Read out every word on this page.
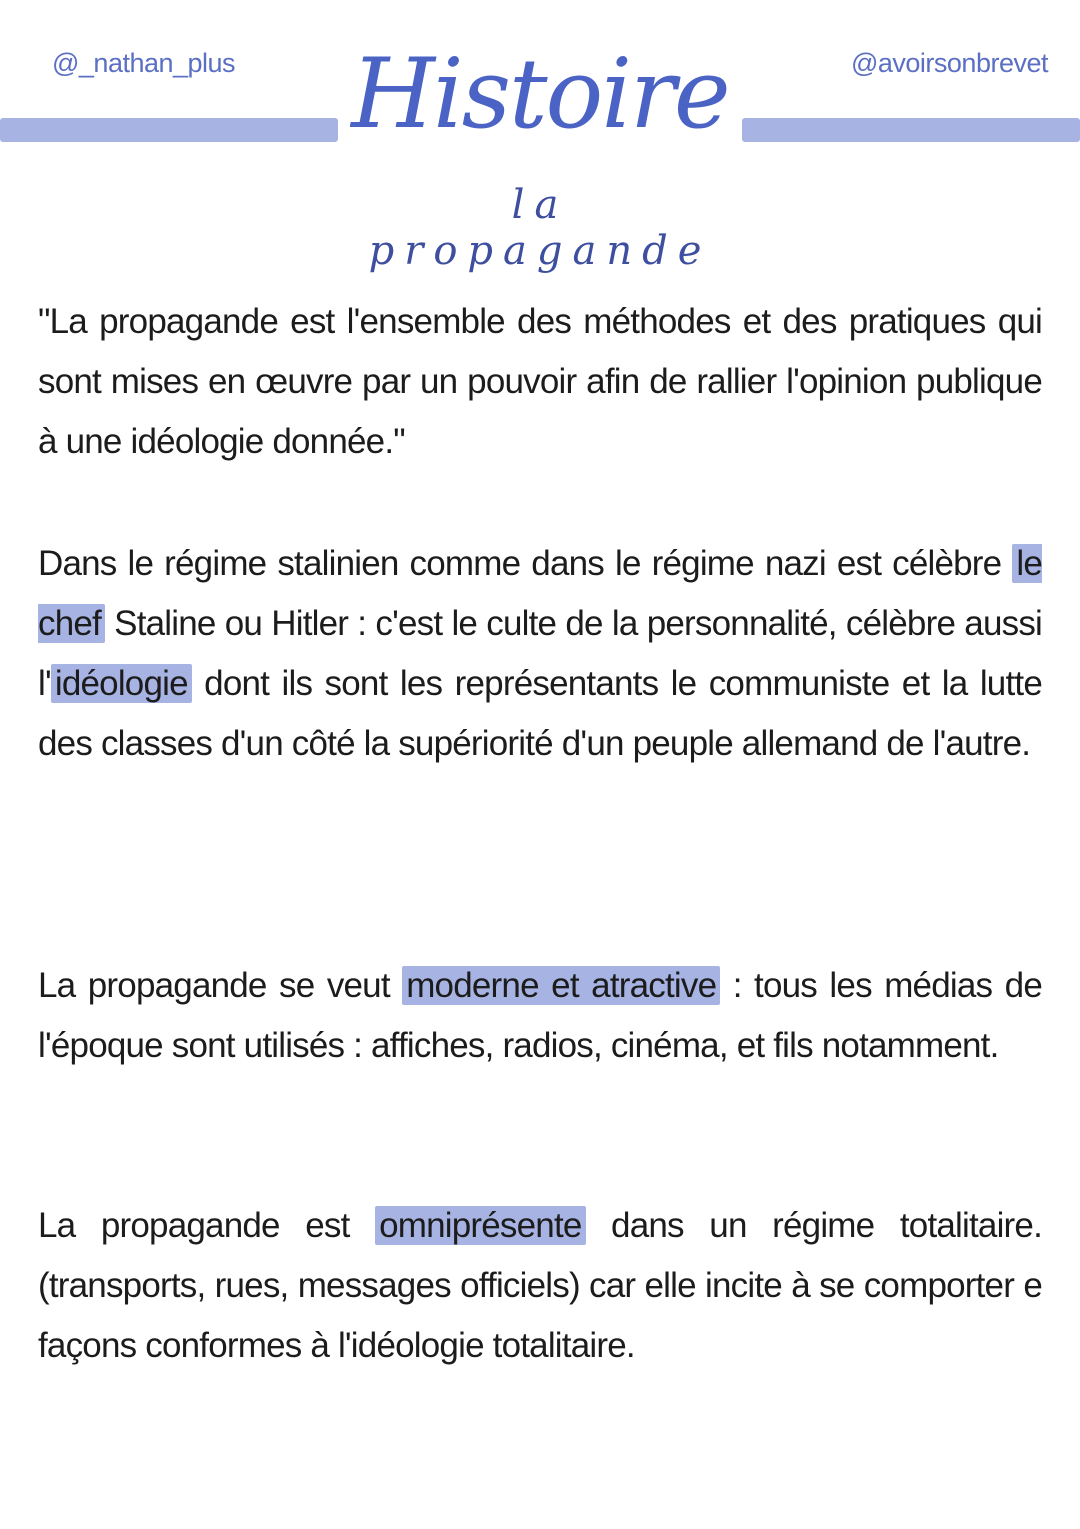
@_nathan_plus	@avoirsonbrevet
Histoire
la propagande
"La propagande est l'ensemble des méthodes et des pratiques qui sont mises en œuvre par un pouvoir afin de rallier l'opinion publique à une idéologie donnée."
Dans le régime stalinien comme dans le régime nazi est célèbre le chef Staline ou Hitler : c'est le culte de la personnalité, célèbre aussi l' idéologie dont ils sont les représentants le communiste et la lutte des classes d'un côté la supériorité d'un peuple allemand de l'autre.
La propagande se veut moderne et atractive : tous les médias de l'époque sont utilisés : affiches, radios, cinéma, et fils notamment.
La propagande est omniprésente dans un régime totalitaire. (transports, rues, messages officiels) car elle incite à se comporter e façons conformes à l'idéologie totalitaire.
